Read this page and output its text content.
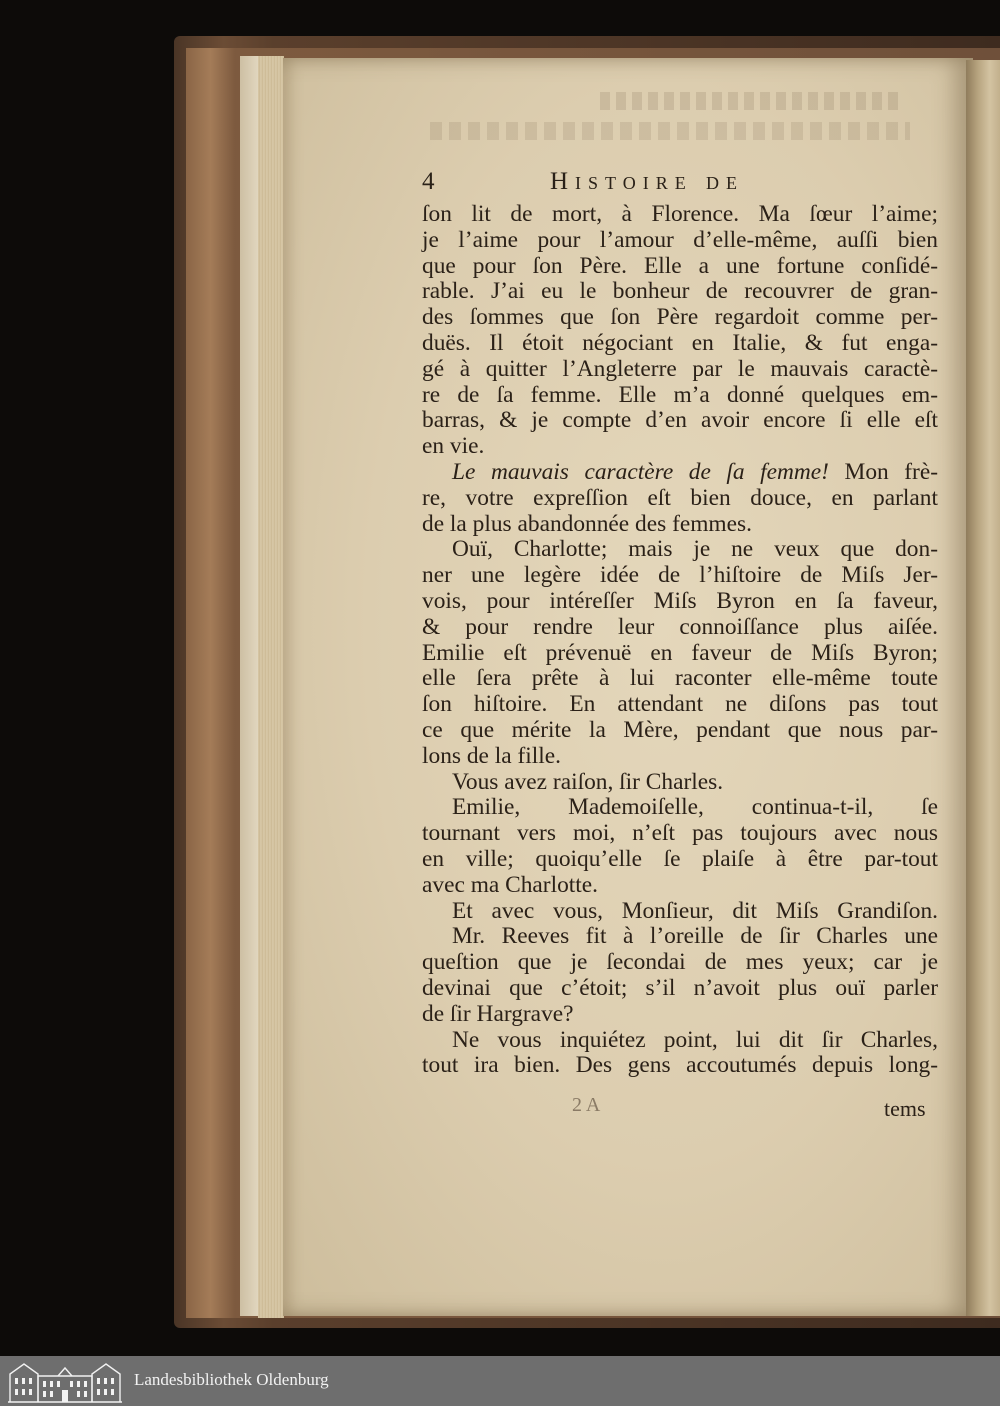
4	Histoire de
ſon lit de mort, à Florence. Ma ſœur l’aime;
je l’aime pour l’amour d’elle-même, auſſi bien
que pour ſon Père. Elle a une fortune conſidé-
rable. J’ai eu le bonheur de recouvrer de gran-
des ſommes que ſon Père regardoit comme per-
duës. Il étoit négociant en Italie, & fut enga-
gé à quitter l’Angleterre par le mauvais caractè-
re de ſa femme. Elle m’a donné quelques em-
barras, & je compte d’en avoir encore ſi elle eſt
en vie.
Le mauvais caractère de ſa femme! Mon frè-
re, votre expreſſion eſt bien douce, en parlant
de la plus abandonnée des femmes.
Ouï, Charlotte; mais je ne veux que don-
ner une legère idée de l’hiſtoire de Miſs Jer-
vois, pour intéreſſer Miſs Byron en ſa faveur,
& pour rendre leur connoiſſance plus aiſée.
Emilie eſt prévenuë en faveur de Miſs Byron;
elle ſera prête à lui raconter elle-même toute
ſon hiſtoire. En attendant ne diſons pas tout
ce que mérite la Mère, pendant que nous par-
lons de la fille.
Vous avez raiſon, ſir Charles.
Emilie, Mademoiſelle, continua-t-il, ſe
tournant vers moi, n’eſt pas toujours avec nous
en ville; quoiqu’elle ſe plaiſe à être par-tout
avec ma Charlotte.
Et avec vous, Monſieur, dit Miſs Grandiſon.
Mr. Reeves fit à l’oreille de ſir Charles une
queſtion que je ſecondai de mes yeux; car je
devinai que c’étoit; s’il n’avoit plus ouï parler
de ſir Hargrave?
Ne vous inquiétez point, lui dit ſir Charles,
tout ira bien. Des gens accoutumés depuis long-
2 A	tems
Landesbibliothek Oldenburg
